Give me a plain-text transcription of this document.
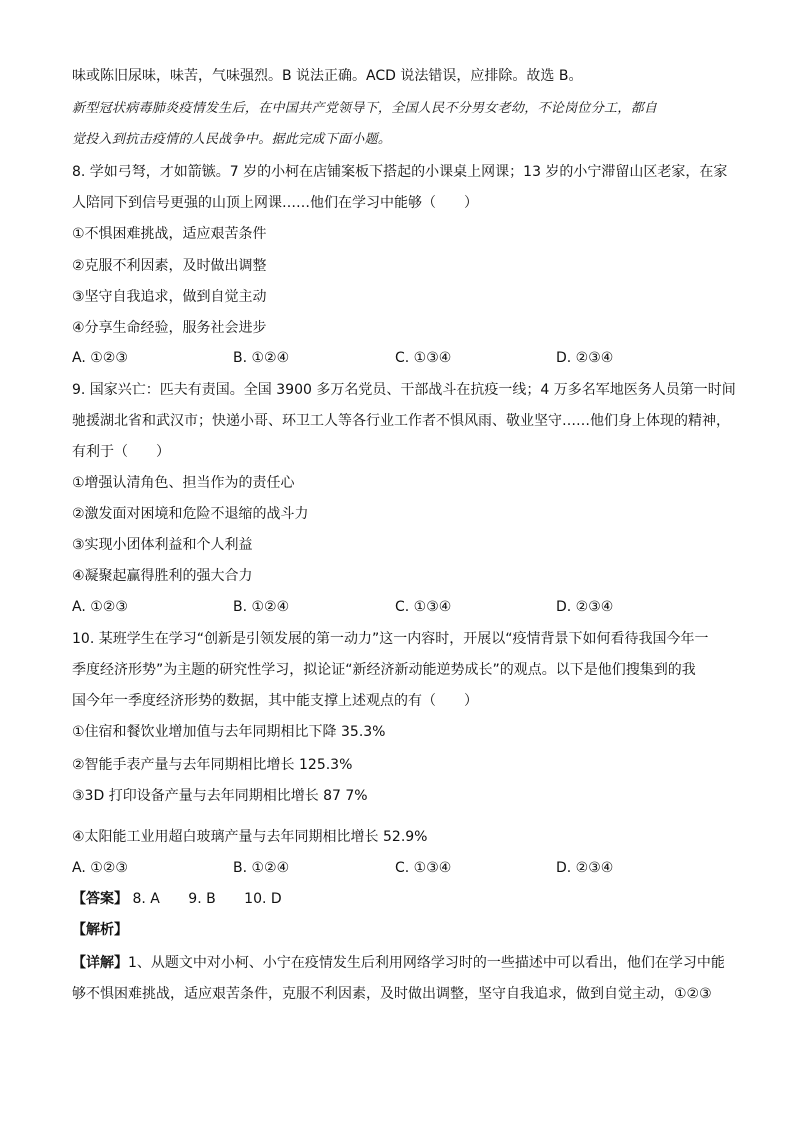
味或陈旧尿味，味苦，气味强烈。B 说法正确。ACD 说法错误，应排除。故选 B。
新型冠状病毒肺炎疫情发生后，在中国共产党领导下，全国人民不分男女老幼，不论岗位分工，都自
觉投入到抗击疫情的人民战争中。据此完成下面小题。
8. 学如弓弩，才如箭镞。7 岁的小柯在店铺案板下搭起的小课桌上网课；13 岁的小宁滞留山区老家，在家
人陪同下到信号更强的山顶上网课……他们在学习中能够（　　）
①不惧困难挑战，适应艰苦条件
②克服不利因素，及时做出调整
③坚守自我追求，做到自觉主动
④分享生命经验，服务社会进步
A. ①②③	B. ①②④	C. ①③④	D. ②③④
9. 国家兴亡：匹夫有责国。全国 3900 多万名党员、干部战斗在抗疫一线；4 万多名军地医务人员第一时间
驰援湖北省和武汉市；快递小哥、环卫工人等各行业工作者不惧风雨、敬业坚守……他们身上体现的精神，
有利于（　　）
①增强认清角色、担当作为的责任心
②激发面对困境和危险不退缩的战斗力
③实现小团体利益和个人利益
④凝聚起赢得胜利的强大合力
A. ①②③	B. ①②④	C. ①③④	D. ②③④
10. 某班学生在学习“创新是引领发展的第一动力”这一内容时，开展以“疫情背景下如何看待我国今年一
季度经济形势”为主题的研究性学习，拟论证“新经济新动能逆势成长”的观点。以下是他们搜集到的我
国今年一季度经济形势的数据，其中能支撑上述观点的有（　　）
①住宿和餐饮业增加值与去年同期相比下降 35.3%
②智能手表产量与去年同期相比增长 125.3%
③3D 打印设备产量与去年同期相比增长 87 7%
④太阳能工业用超白玻璃产量与去年同期相比增长 52.9%
A. ①②③	B. ①②④	C. ①③④	D. ②③④
【答案】 8. A 9. B 10. D
【解析】
【详解】1、从题文中对小柯、小宁在疫情发生后利用网络学习时的一些描述中可以看出，他们在学习中能
够不惧困难挑战，适应艰苦条件，克服不利因素，及时做出调整，坚守自我追求，做到自觉主动，①②③
